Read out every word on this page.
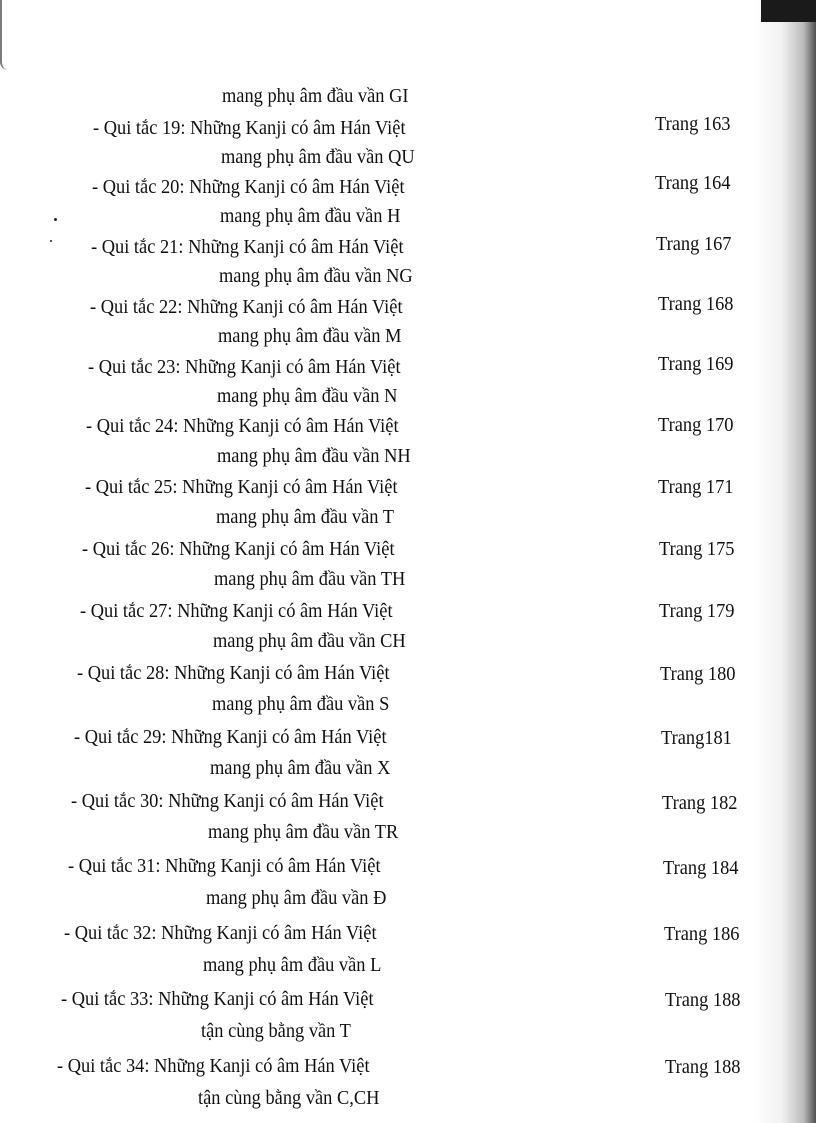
mang phụ âm đầu vần GI
- Qui tắc 19: Những Kanji có âm Hán Việt
mang phụ âm đầu vần QU
Trang 163
- Qui tắc 20: Những Kanji có âm Hán Việt
mang phụ âm đầu vần H
Trang 164
- Qui tắc 21: Những Kanji có âm Hán Việt
mang phụ âm đầu vần NG
Trang 167
- Qui tắc 22: Những Kanji có âm Hán Việt
mang phụ âm đầu vần M
Trang 168
- Qui tắc 23: Những Kanji có âm Hán Việt
mang phụ âm đầu vần N
Trang 169
- Qui tắc 24: Những Kanji có âm Hán Việt
mang phụ âm đầu vần NH
Trang 170
- Qui tắc 25: Những Kanji có âm Hán Việt
mang phụ âm đầu vần T
Trang 171
- Qui tắc 26: Những Kanji có âm Hán Việt
mang phụ âm đầu vần TH
Trang 175
- Qui tắc 27: Những Kanji có âm Hán Việt
mang phụ âm đầu vần CH
Trang 179
- Qui tắc 28: Những Kanji có âm Hán Việt
mang phụ âm đầu vần S
Trang 180
- Qui tắc 29: Những Kanji có âm Hán Việt
mang phụ âm đầu vần X
Trang181
- Qui tắc 30: Những Kanji có âm Hán Việt
mang phụ âm đầu vần TR
Trang 182
- Qui tắc 31: Những Kanji có âm Hán Việt
mang phụ âm đầu vần Đ
Trang 184
- Qui tắc 32: Những Kanji có âm Hán Việt
mang phụ âm đầu vần L
Trang 186
- Qui tắc 33: Những Kanji có âm Hán Việt
tận cùng bằng vần T
Trang 188
- Qui tắc 34: Những Kanji có âm Hán Việt
tận cùng bằng vần C,CH
Trang 188
